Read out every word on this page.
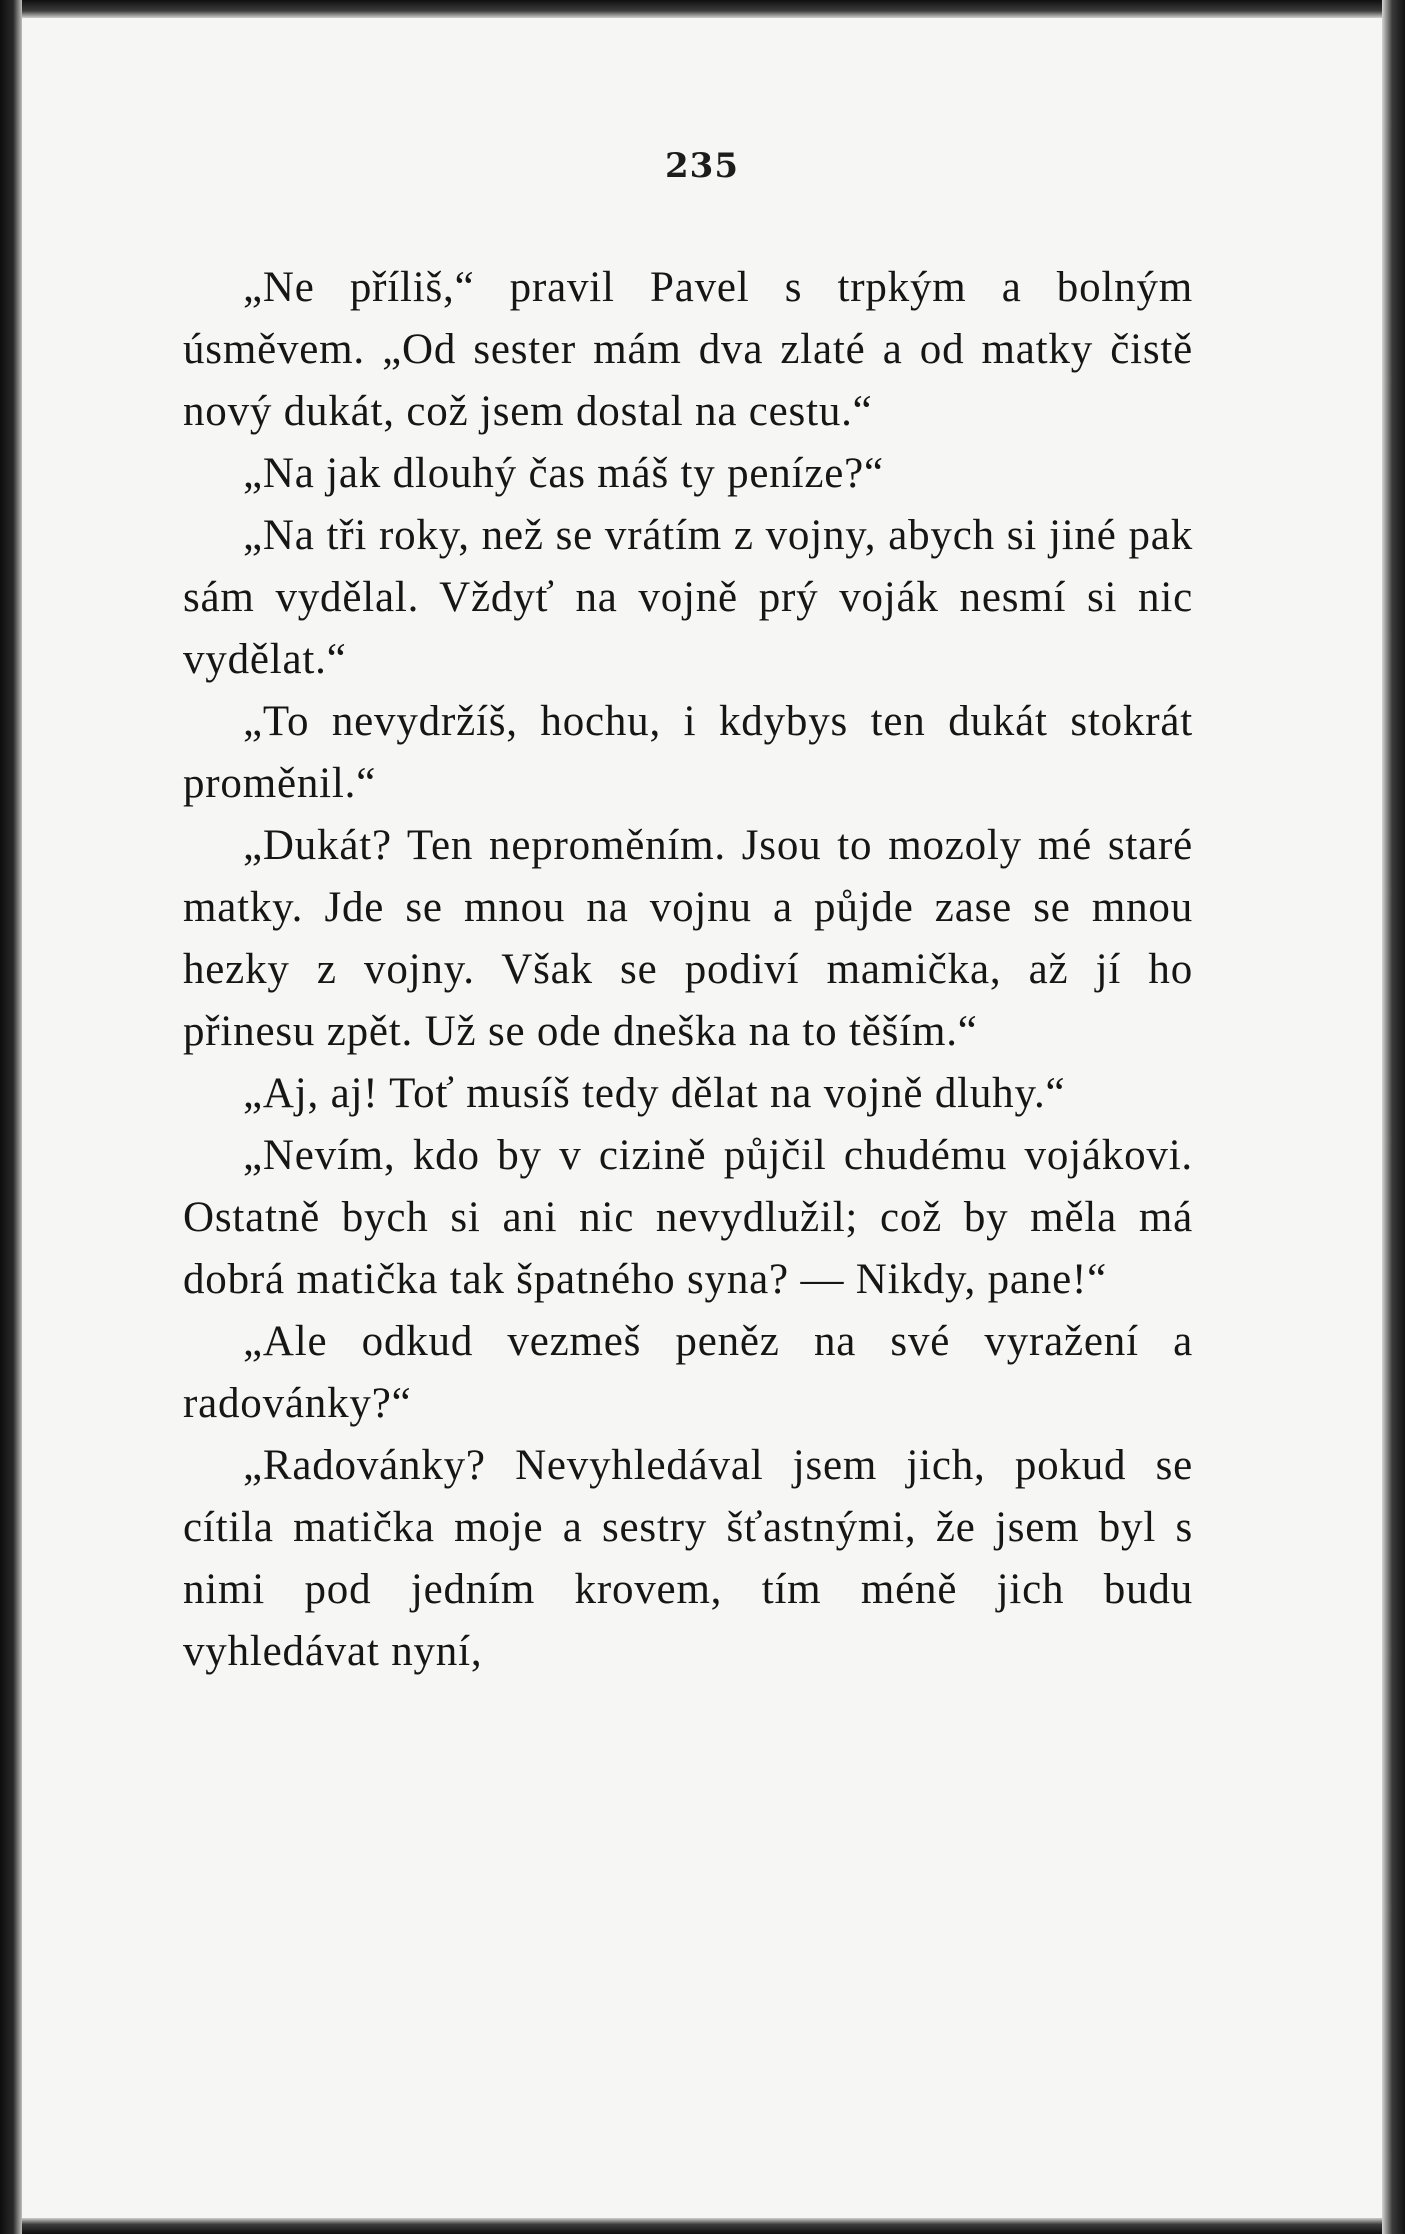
235

„Ne příliš,“ pravil Pavel s trpkým a bolným úsměvem. „Od sester mám dva zlaté a od matky čistě nový dukát, což jsem dostal na cestu.“

„Na jak dlouhý čas máš ty peníze?“

„Na tři roky, než se vrátím z vojny, abych si jiné pak sám vydělal. Vždyť na vojně prý voják nesmí si nic vydělat.“

„To nevydržíš, hochu, i kdybys ten dukát stokrát proměnil.“

„Dukát? Ten neproměním. Jsou to mozoly mé staré matky. Jde se mnou na vojnu a půjde zase se mnou hezky z vojny. Však se podiví mamička, až jí ho přinesu zpět. Už se ode dneška na to těším.“

„Aj, aj! Toť musíš tedy dělat na vojně dluhy.“

„Nevím, kdo by v cizině půjčil chudému vojákovi. Ostatně bych si ani nic nevydlužil; což by měla má dobrá matička tak špatného syna? — Nikdy, pane!“

„Ale odkud vezmeš peněz na své vyražení a radovánky?“

„Radovánky? Nevyhledával jsem jich, pokud se cítila matička moje a sestry šťastnými, že jsem byl s nimi pod jedním krovem, tím méně jich budu vyhledávat nyní,
